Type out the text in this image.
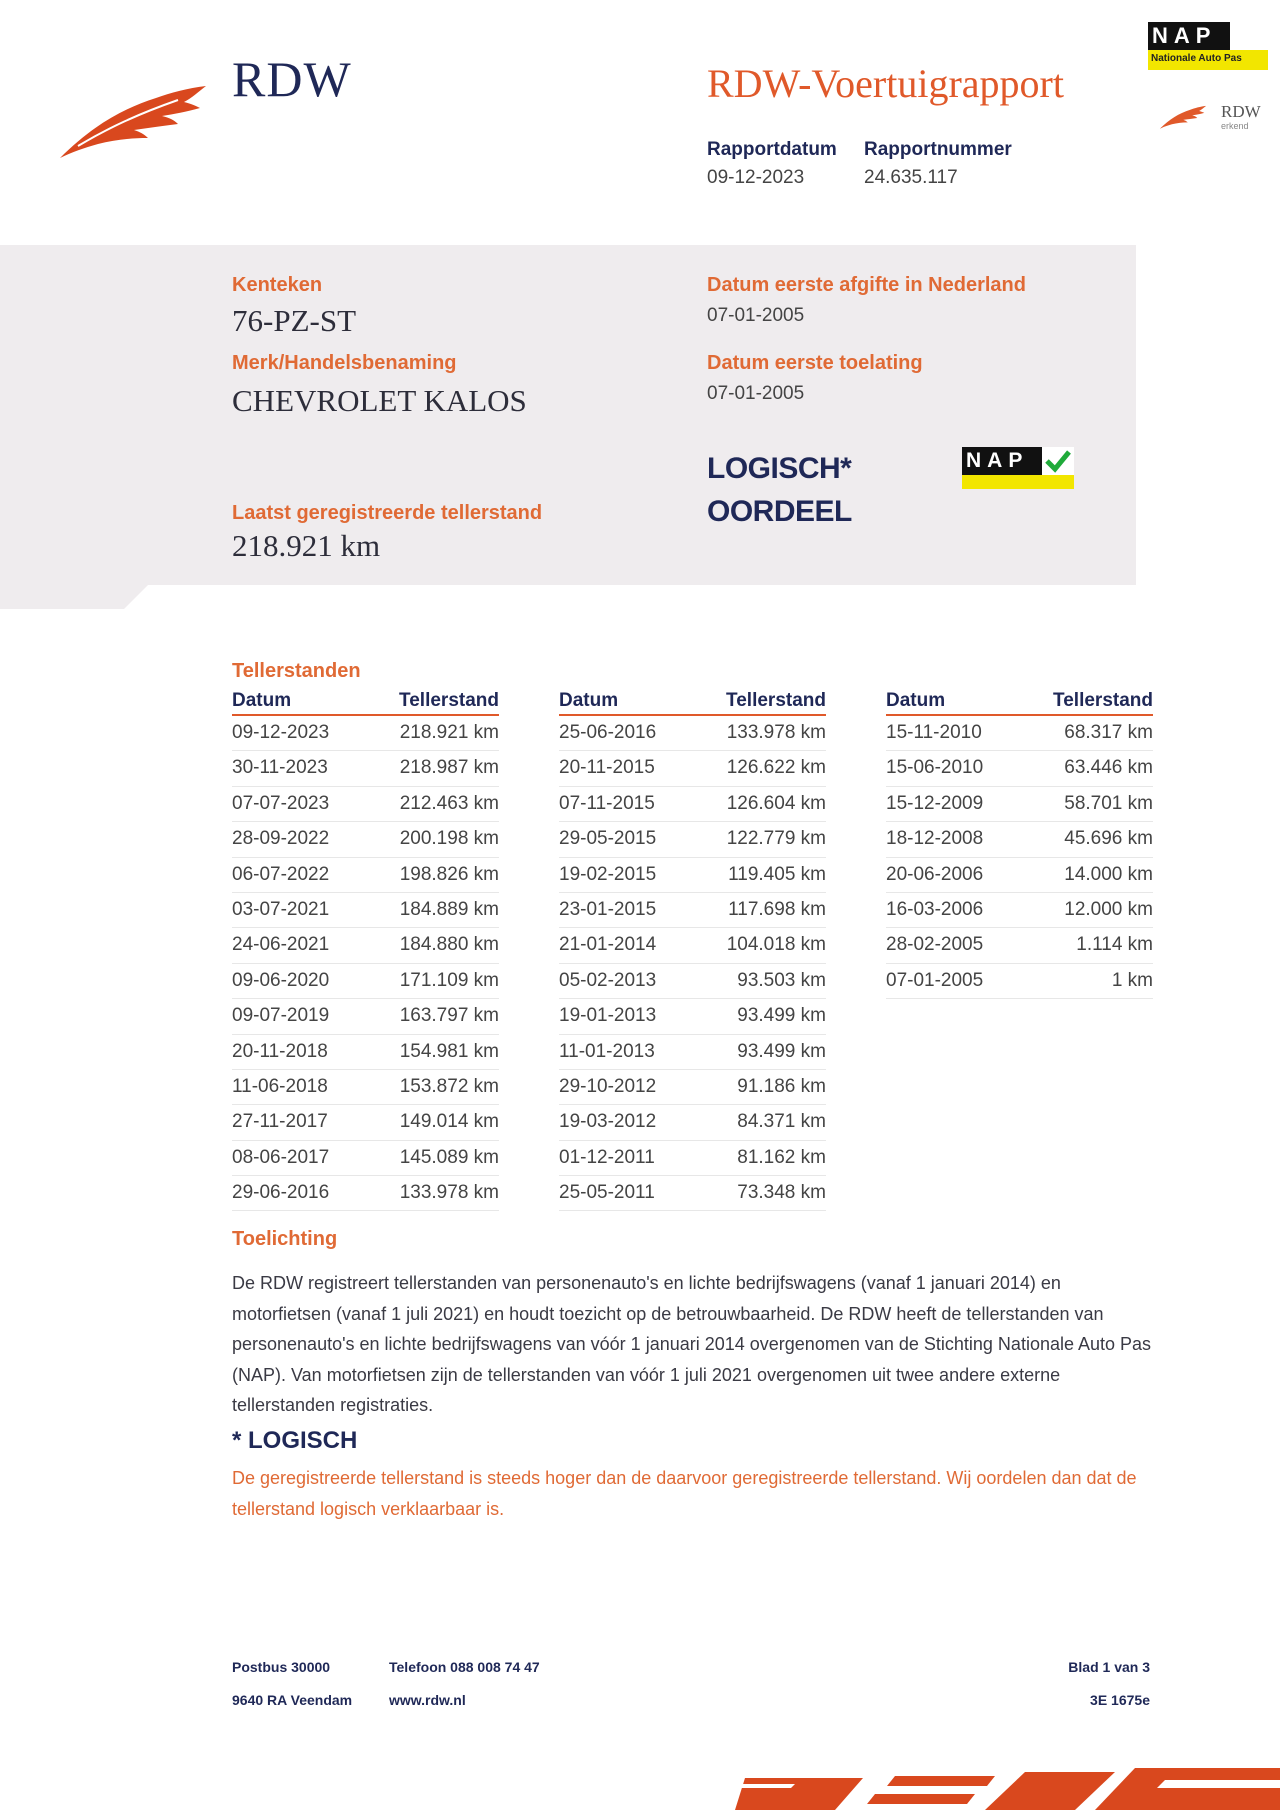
RDW	RDW-Voertuigrapport
Rapportdatum
09-12-2023
Rapportnummer
24.635.117
NAP
Nationale Auto Pas
RDW
erkend
Kenteken
76-PZ-ST
Merk/Handelsbenaming
CHEVROLET KALOS
Laatst geregistreerde tellerstand
218.921 km
Datum eerste afgifte in Nederland
07-01-2005
Datum eerste toelating
07-01-2005
LOGISCH*
OORDEEL
NAP
Tellerstanden
Datum	Tellerstand
09-12-2023	218.921 km
30-11-2023	218.987 km
07-07-2023	212.463 km
28-09-2022	200.198 km
06-07-2022	198.826 km
03-07-2021	184.889 km
24-06-2021	184.880 km
09-06-2020	171.109 km
09-07-2019	163.797 km
20-11-2018	154.981 km
11-06-2018	153.872 km
27-11-2017	149.014 km
08-06-2017	145.089 km
29-06-2016	133.978 km
Datum	Tellerstand
25-06-2016	133.978 km
20-11-2015	126.622 km
07-11-2015	126.604 km
29-05-2015	122.779 km
19-02-2015	119.405 km
23-01-2015	117.698 km
21-01-2014	104.018 km
05-02-2013	93.503 km
19-01-2013	93.499 km
11-01-2013	93.499 km
29-10-2012	91.186 km
19-03-2012	84.371 km
01-12-2011	81.162 km
25-05-2011	73.348 km
Datum	Tellerstand
15-11-2010	68.317 km
15-06-2010	63.446 km
15-12-2009	58.701 km
18-12-2008	45.696 km
20-06-2006	14.000 km
16-03-2006	12.000 km
28-02-2005	1.114 km
07-01-2005	1 km
Toelichting
De RDW registreert tellerstanden van personenauto's en lichte bedrijfswagens (vanaf 1 januari 2014) en motorfietsen (vanaf 1 juli 2021) en houdt toezicht op de betrouwbaarheid. De RDW heeft de tellerstanden van personenauto's en lichte bedrijfswagens van vóór 1 januari 2014 overgenomen van de Stichting Nationale Auto Pas (NAP). Van motorfietsen zijn de tellerstanden van vóór 1 juli 2021 overgenomen uit twee andere externe tellerstanden registraties.
* LOGISCH
De geregistreerde tellerstand is steeds hoger dan de daarvoor geregistreerde tellerstand. Wij oordelen dan dat de tellerstand logisch verklaarbaar is.
Postbus 30000
9640 RA Veendam
Telefoon 088 008 74 47
www.rdw.nl
Blad 1 van 3
3E 1675e
